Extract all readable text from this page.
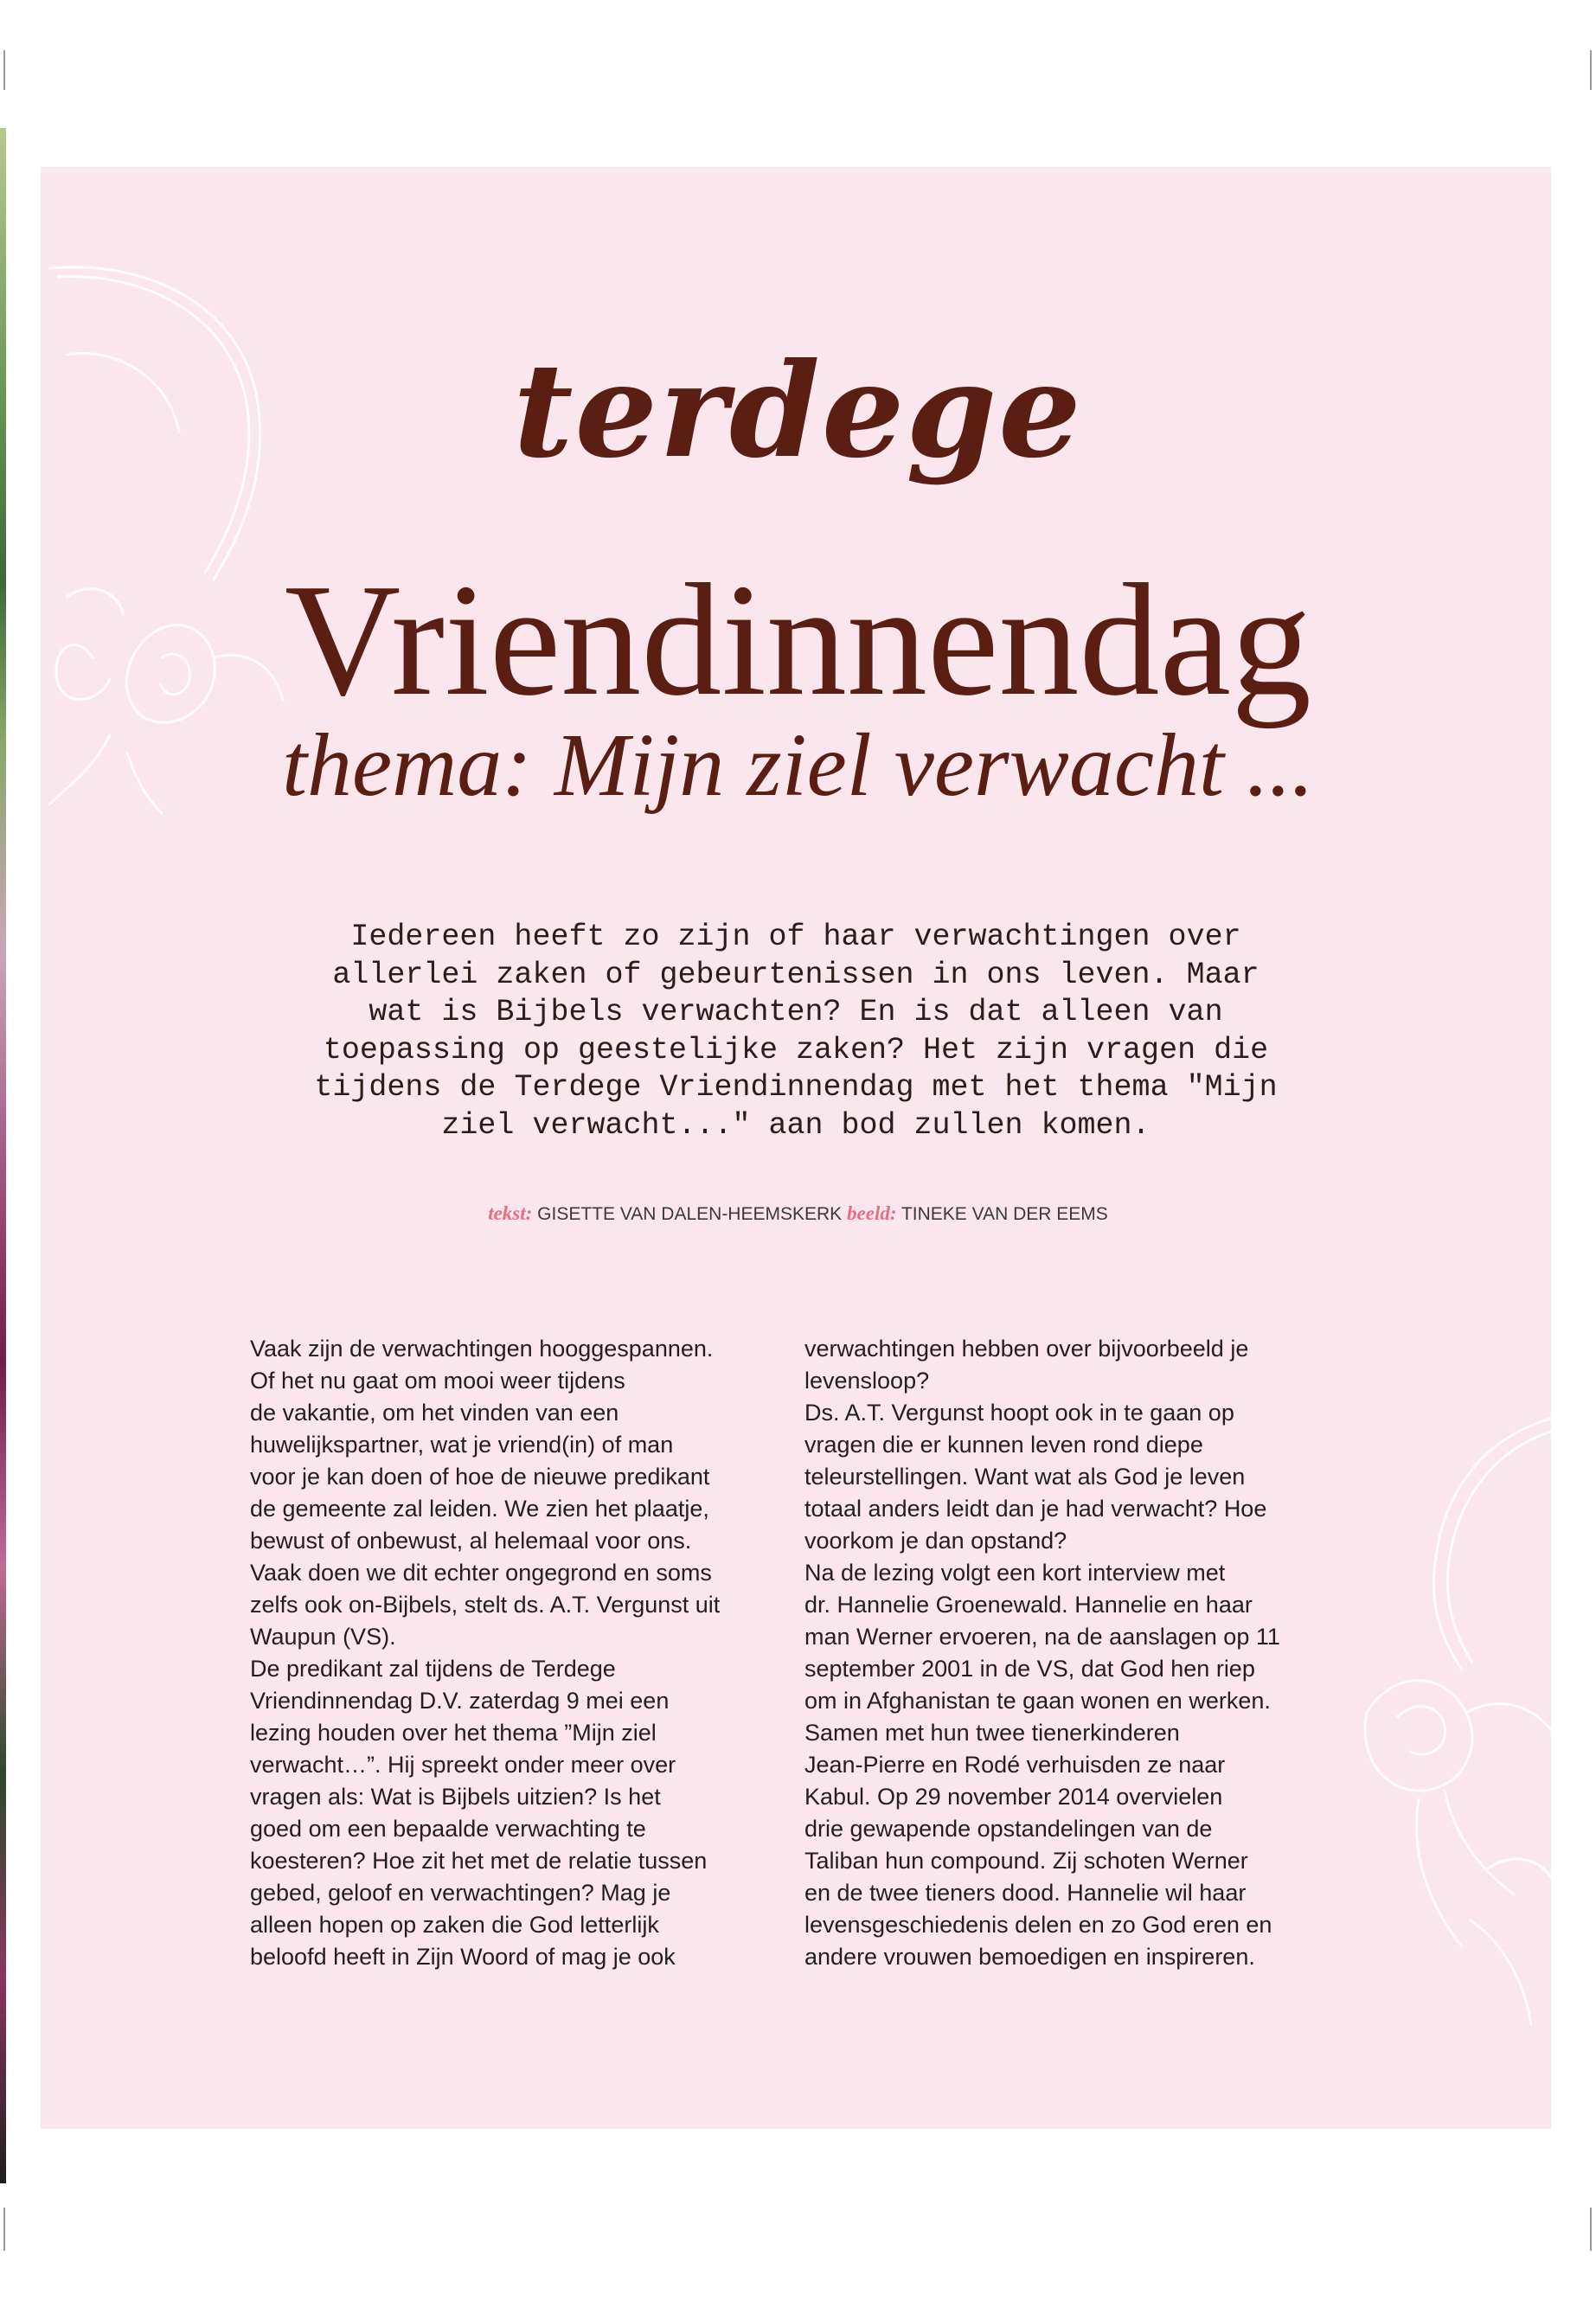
terdege
Vriendinnendag
thema: Mijn ziel verwacht ...
Iedereen heeft zo zijn of haar verwachtingen over
allerlei zaken of gebeurtenissen in ons leven. Maar
wat is Bijbels verwachten? En is dat alleen van
toepassing op geestelijke zaken? Het zijn vragen die
tijdens de Terdege Vriendinnendag met het thema "Mijn
ziel verwacht..." aan bod zullen komen.
tekst: GISETTE VAN DALEN-HEEMSKERK beeld: TINEKE VAN DER EEMS

Vaak zijn de verwachtingen hooggespannen.

Of het nu gaat om mooi weer tijdens

de vakantie, om het vinden van een

huwelijkspartner, wat je vriend(in) of man

voor je kan doen of hoe de nieuwe predikant

de gemeente zal leiden. We zien het plaatje,

bewust of onbewust, al helemaal voor ons.

Vaak doen we dit echter ongegrond en soms

zelfs ook on-Bijbels, stelt ds. A.T. Vergunst uit

Waupun (VS).

De predikant zal tijdens de Terdege

Vriendinnendag D.V. zaterdag 9 mei een

lezing houden over het thema ”Mijn ziel

verwacht…”. Hij spreekt onder meer over

vragen als: Wat is Bijbels uitzien? Is het

goed om een bepaalde verwachting te

koesteren? Hoe zit het met de relatie tussen

gebed, geloof en verwachtingen? Mag je

alleen hopen op zaken die God letterlijk

beloofd heeft in Zijn Woord of mag je ook

verwachtingen hebben over bijvoorbeeld je

levensloop?

Ds. A.T. Vergunst hoopt ook in te gaan op

vragen die er kunnen leven rond diepe

teleurstellingen. Want wat als God je leven

totaal anders leidt dan je had verwacht? Hoe

voorkom je dan opstand?

Na de lezing volgt een kort interview met

dr. Hannelie Groenewald. Hannelie en haar

man Werner ervoeren, na de aanslagen op 11

september 2001 in de VS, dat God hen riep

om in Afghanistan te gaan wonen en werken.

Samen met hun twee tienerkinderen

Jean-Pierre en Rodé verhuisden ze naar

Kabul. Op 29 november 2014 overvielen

drie gewapende opstandelingen van de

Taliban hun compound. Zij schoten Werner

en de twee tieners dood. Hannelie wil haar

levensgeschiedenis delen en zo God eren en

andere vrouwen bemoedigen en inspireren.
